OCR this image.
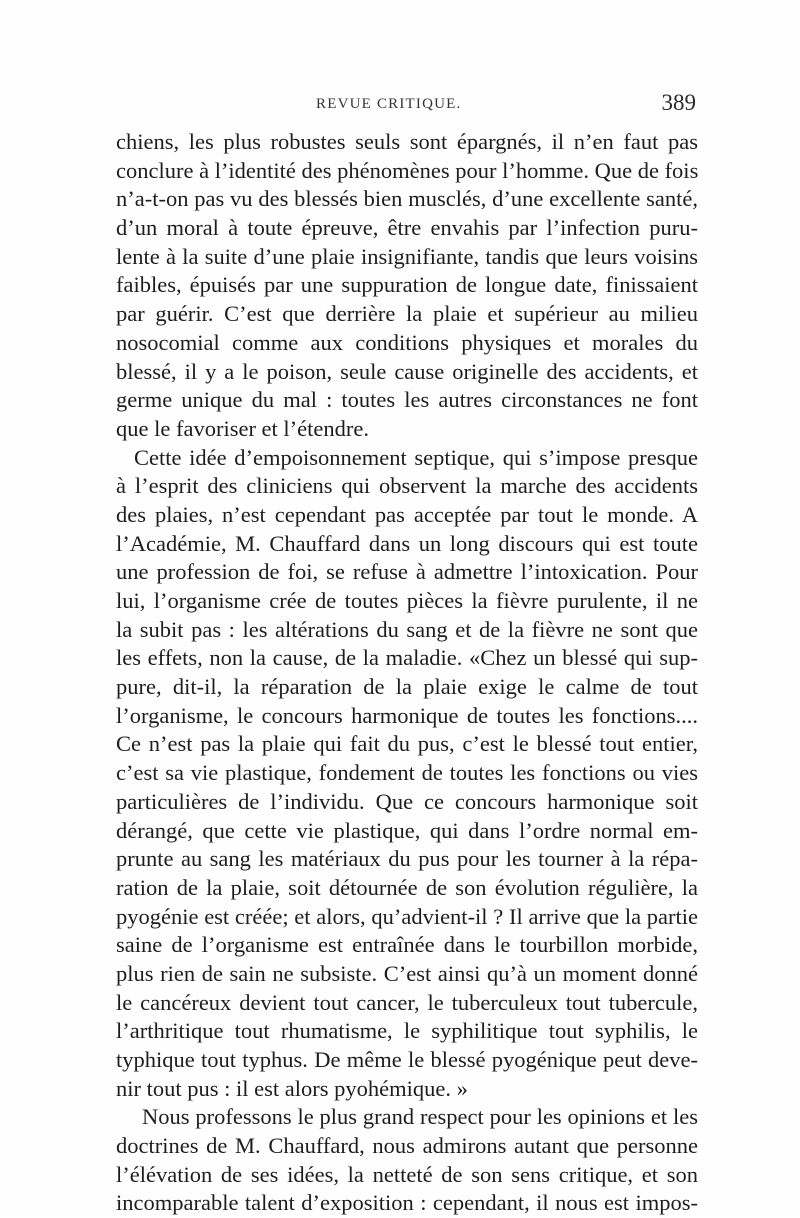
REVUE CRITIQUE.	389
chiens, les plus robustes seuls sont épargnés, il n’en faut pas
conclure à l’identité des phénomènes pour l’homme. Que de fois
n’a-t-on pas vu des blessés bien musclés, d’une excellente santé,
d’un moral à toute épreuve, être envahis par l’infection puru-
lente à la suite d’une plaie insignifiante, tandis que leurs voisins
faibles, épuisés par une suppuration de longue date, finissaient
par guérir. C’est que derrière la plaie et supérieur au milieu
nosocomial comme aux conditions physiques et morales du
blessé, il y a le poison, seule cause originelle des accidents, et
germe unique du mal : toutes les autres circonstances ne font
que le favoriser et l’étendre.
Cette idée d’empoisonnement septique, qui s’impose presque
à l’esprit des cliniciens qui observent la marche des accidents
des plaies, n’est cependant pas acceptée par tout le monde. A
l’Académie, M. Chauffard dans un long discours qui est toute
une profession de foi, se refuse à admettre l’intoxication. Pour
lui, l’organisme crée de toutes pièces la fièvre purulente, il ne
la subit pas : les altérations du sang et de la fièvre ne sont que
les effets, non la cause, de la maladie. «Chez un blessé qui sup-
pure, dit-il, la réparation de la plaie exige le calme de tout
l’organisme, le concours harmonique de toutes les fonctions....
Ce n’est pas la plaie qui fait du pus, c’est le blessé tout entier,
c’est sa vie plastique, fondement de toutes les fonctions ou vies
particulières de l’individu. Que ce concours harmonique soit
dérangé, que cette vie plastique, qui dans l’ordre normal em-
prunte au sang les matériaux du pus pour les tourner à la répa-
ration de la plaie, soit détournée de son évolution régulière, la
pyogénie est créée; et alors, qu’advient-il ? Il arrive que la partie
saine de l’organisme est entraînée dans le tourbillon morbide,
plus rien de sain ne subsiste. C’est ainsi qu’à un moment donné
le cancéreux devient tout cancer, le tuberculeux tout tubercule,
l’arthritique tout rhumatisme, le syphilitique tout syphilis, le
typhique tout typhus. De même le blessé pyogénique peut deve-
nir tout pus : il est alors pyohémique. »
Nous professons le plus grand respect pour les opinions et les
doctrines de M. Chauffard, nous admirons autant que personne
l’élévation de ses idées, la netteté de son sens critique, et son
incomparable talent d’exposition : cependant, il nous est impos-
